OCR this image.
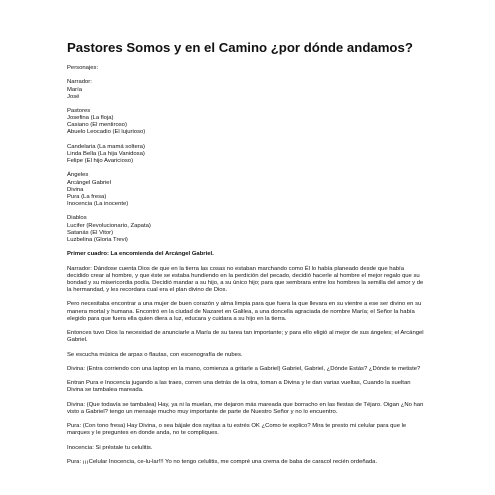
Pastores Somos y en el Camino ¿por dónde andamos?
Personajes:
Narrador:
María
José
Pastores
Josefina (La floja)
Casiano (El mentiroso)
Abuelo Leocadio (El lujurioso)
Candelaria (La mamá soltera)
Linda Bella (La hija Vanidosa)
Felipe (El hijo Avaricioso)
Ángeles
Arcángel Gabriel
Divina
Pura (La fresa)
Inocencia (La inocente)
Diablos
Lucifer (Revolucionario, Zapata)
Satanás (El Vitor)
Luzbelina (Gloria Trevi)
Primer cuadro: La encomienda del Arcángel Gabriel.
Narrador: Dándose cuenta Dios de que en la tierra las cosas no estaban marchando como Él lo había planeado desde que había decidido crear al hombre, y que éste se estaba hundiendo en la perdición del pecado, decidió hacerle al hombre el mejor regalo que su bondad y su misericordia podía. Decidió mandar a su hijo, a su único hijo; para que sembrara entre los hombres la semilla del amor y de la hermandad, y les recordara cual era el plan divino de Dios.
Pero necesitaba encontrar a una mujer de buen corazón y alma limpia para que fuera la que llevara en su vientre a ese ser divino en su manera mortal y humana. Encontró en la ciudad de Nazaret en Galilea, a una doncella agraciada de nombre María; el Señor la había elegido para que fuera ella quien diera a luz, educara y cuidara a su hijo en la tierra.
Entonces tuvo Dios la necesidad de anunciarle a María de su tarea tan importante; y para ello eligió al mejor de sus ángeles; el Arcángel Gabriel.
Se escucha música de arpas o flautas, con escenografía de nubes.
Divina: (Entra corriendo con una laptop en la mano, comienza a gritarle a Gabriel) Gabriel, Gabriel, ¿Dónde Estás? ¿Dónde te metiste?
Entran Pura e Inocencia jugando a las traes, corren una detrás de la otra, toman a Divina y le dan varias vueltas, Cuando la sueltan Divina se tambalea mareada.
Divina: (Que todavía se tambalea) Hay, ya ni la muelan, me dejaron más mareada que borracho en las fiestas de Téjaro. Oigan ¿No han visto a Gabriel? tengo un mensaje mucho muy importante de parte de Nuestro Señor y no lo encuentro.
Pura: (Con tono fresa) Hay Divina, o sea bájale dos rayitas a tu estrés OK ¿Como te explico? Mira te presto mi celular para que le marques y le preguntes en donde anda, no te compliques.
Inocencia: Si préstale tu celulitis.
Pura: ¡¡¡Celular Inocencia, ce-lu-lar!!! Yo no tengo celulitis, me compré una crema de baba de caracol recién ordeñada.
